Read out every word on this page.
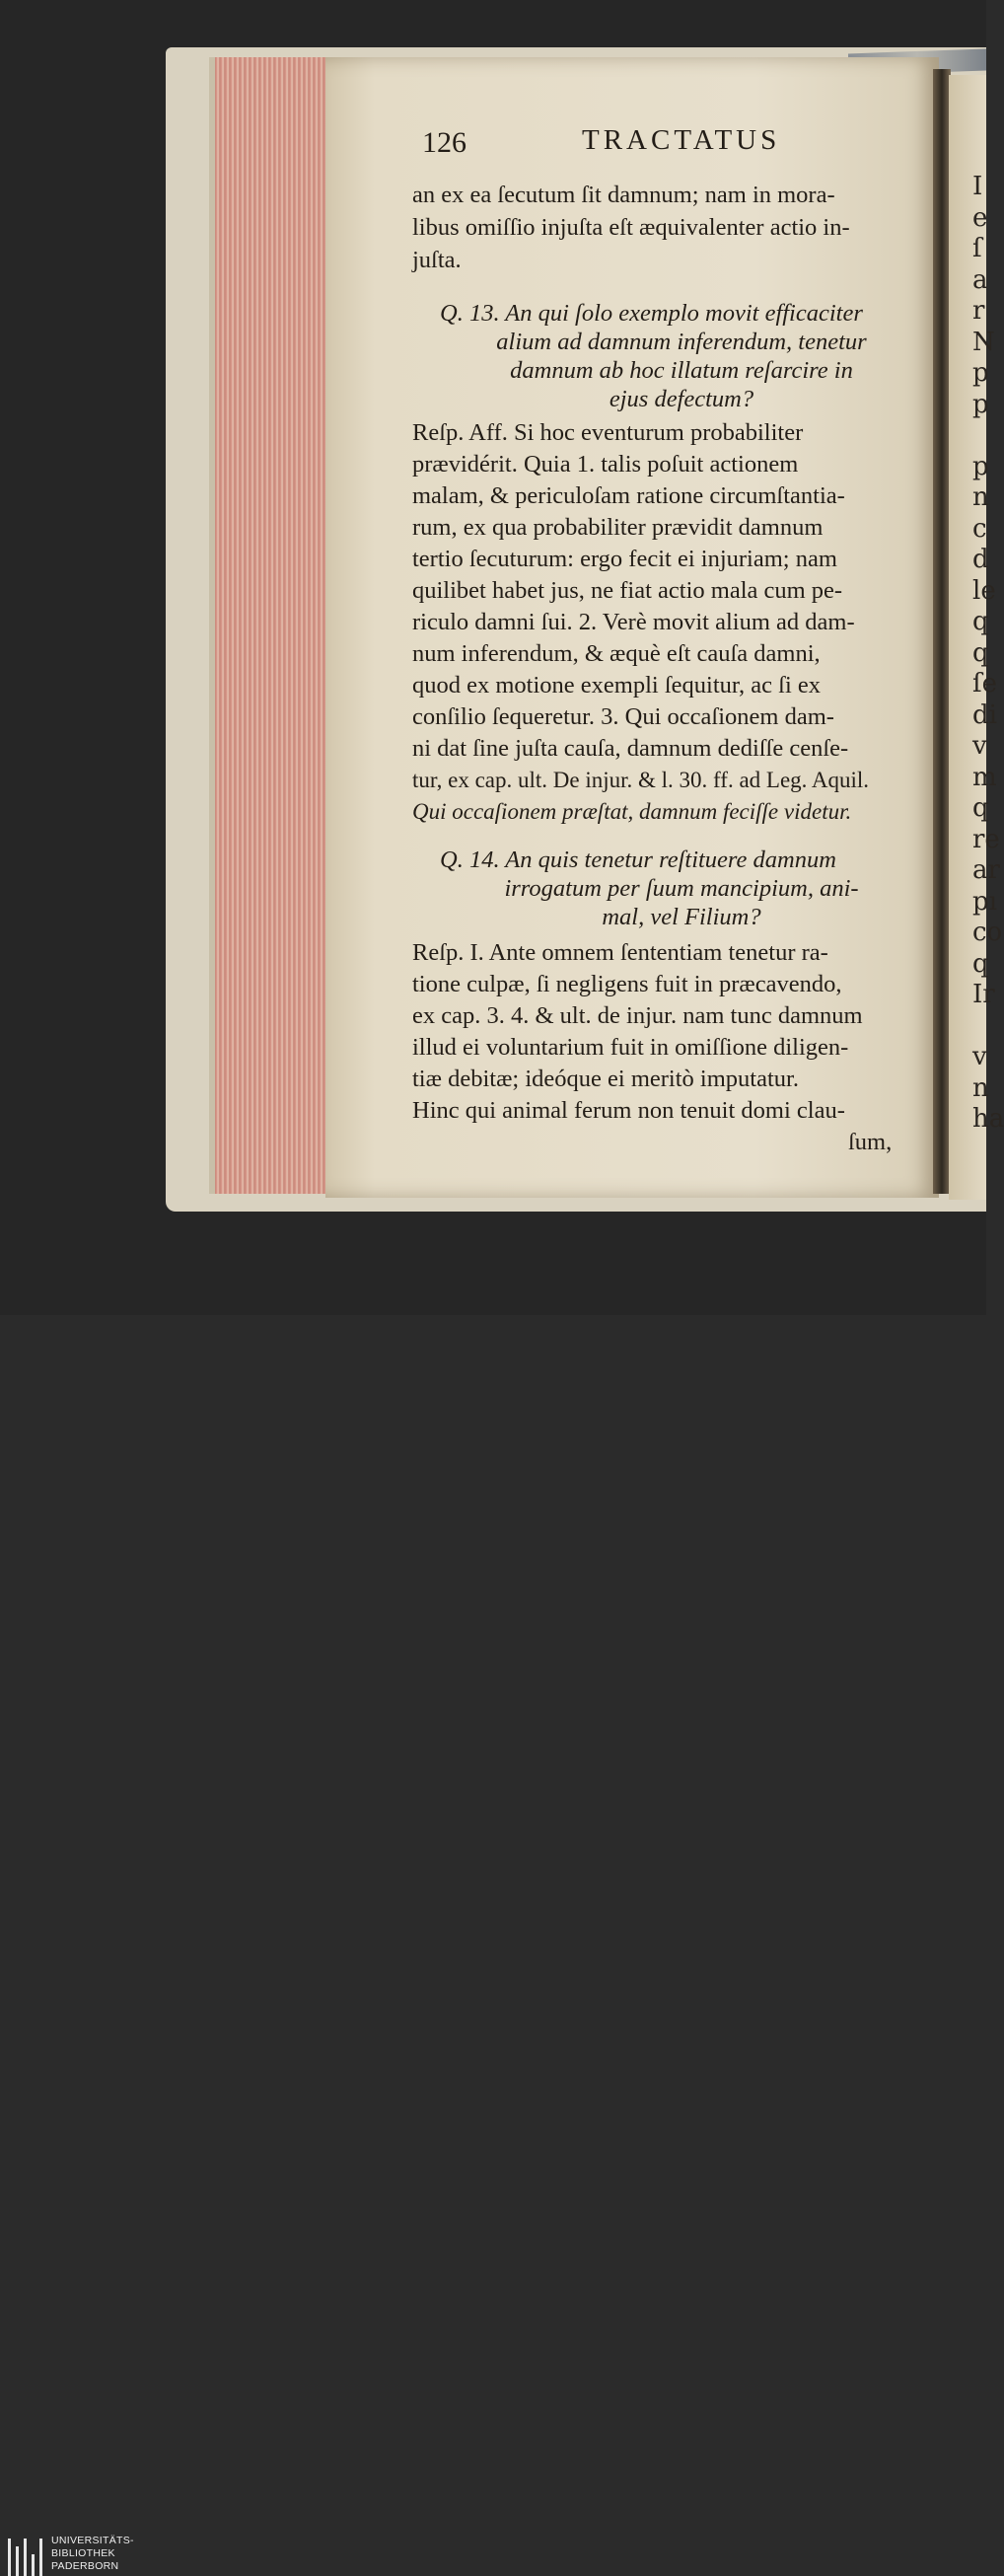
I
e
ſ
a
r
N
p
p
p
n
c
d
le
q
q
ſe
di
v
m
q
re
ar
pı
co
q
Ir
v
n
ha
126	TRACTATUS
an ex ea ſecutum ſit damnum; nam in mora-
libus omiſſio injuſta eſt æquivalenter actio in-
juſta.
Q. 13. An qui ſolo exemplo movit efficaciter
alium ad damnum inferendum, tenetur
damnum ab hoc illatum reſarcire in
ejus defectum?
Reſp. Aff. Si hoc eventurum probabiliter
prævidérit. Quia 1. talis poſuit actionem
malam, & periculoſam ratione circumſtantia-
rum, ex qua probabiliter prævidit damnum
tertio ſecuturum: ergo fecit ei injuriam; nam
quilibet habet jus, ne fiat actio mala cum pe-
riculo damni ſui. 2. Verè movit alium ad dam-
num inferendum, & æquè eſt cauſa damni,
quod ex motione exempli ſequitur, ac ſi ex
conſilio ſequeretur. 3. Qui occaſionem dam-
ni dat ſine juſta cauſa, damnum dediſſe cenſe-
tur, ex cap. ult. De injur. & l. 30. ff. ad Leg. Aquil.
Qui occaſionem præſtat, damnum feciſſe videtur.
Q. 14. An quis tenetur reſtituere damnum
irrogatum per ſuum mancipium, ani-
mal, vel Filium?
Reſp. I. Ante omnem ſententiam tenetur ra-
tione culpæ, ſi negligens fuit in præcavendo,
ex cap. 3. 4. & ult. de injur. nam tunc damnum
illud ei voluntarium fuit in omiſſione diligen-
tiæ debitæ; ideóque ei meritò imputatur.
Hinc qui animal ferum non tenuit domi clau-
ſum,
UNIVERSITÄTS-
BIBLIOTHEK
PADERBORN
